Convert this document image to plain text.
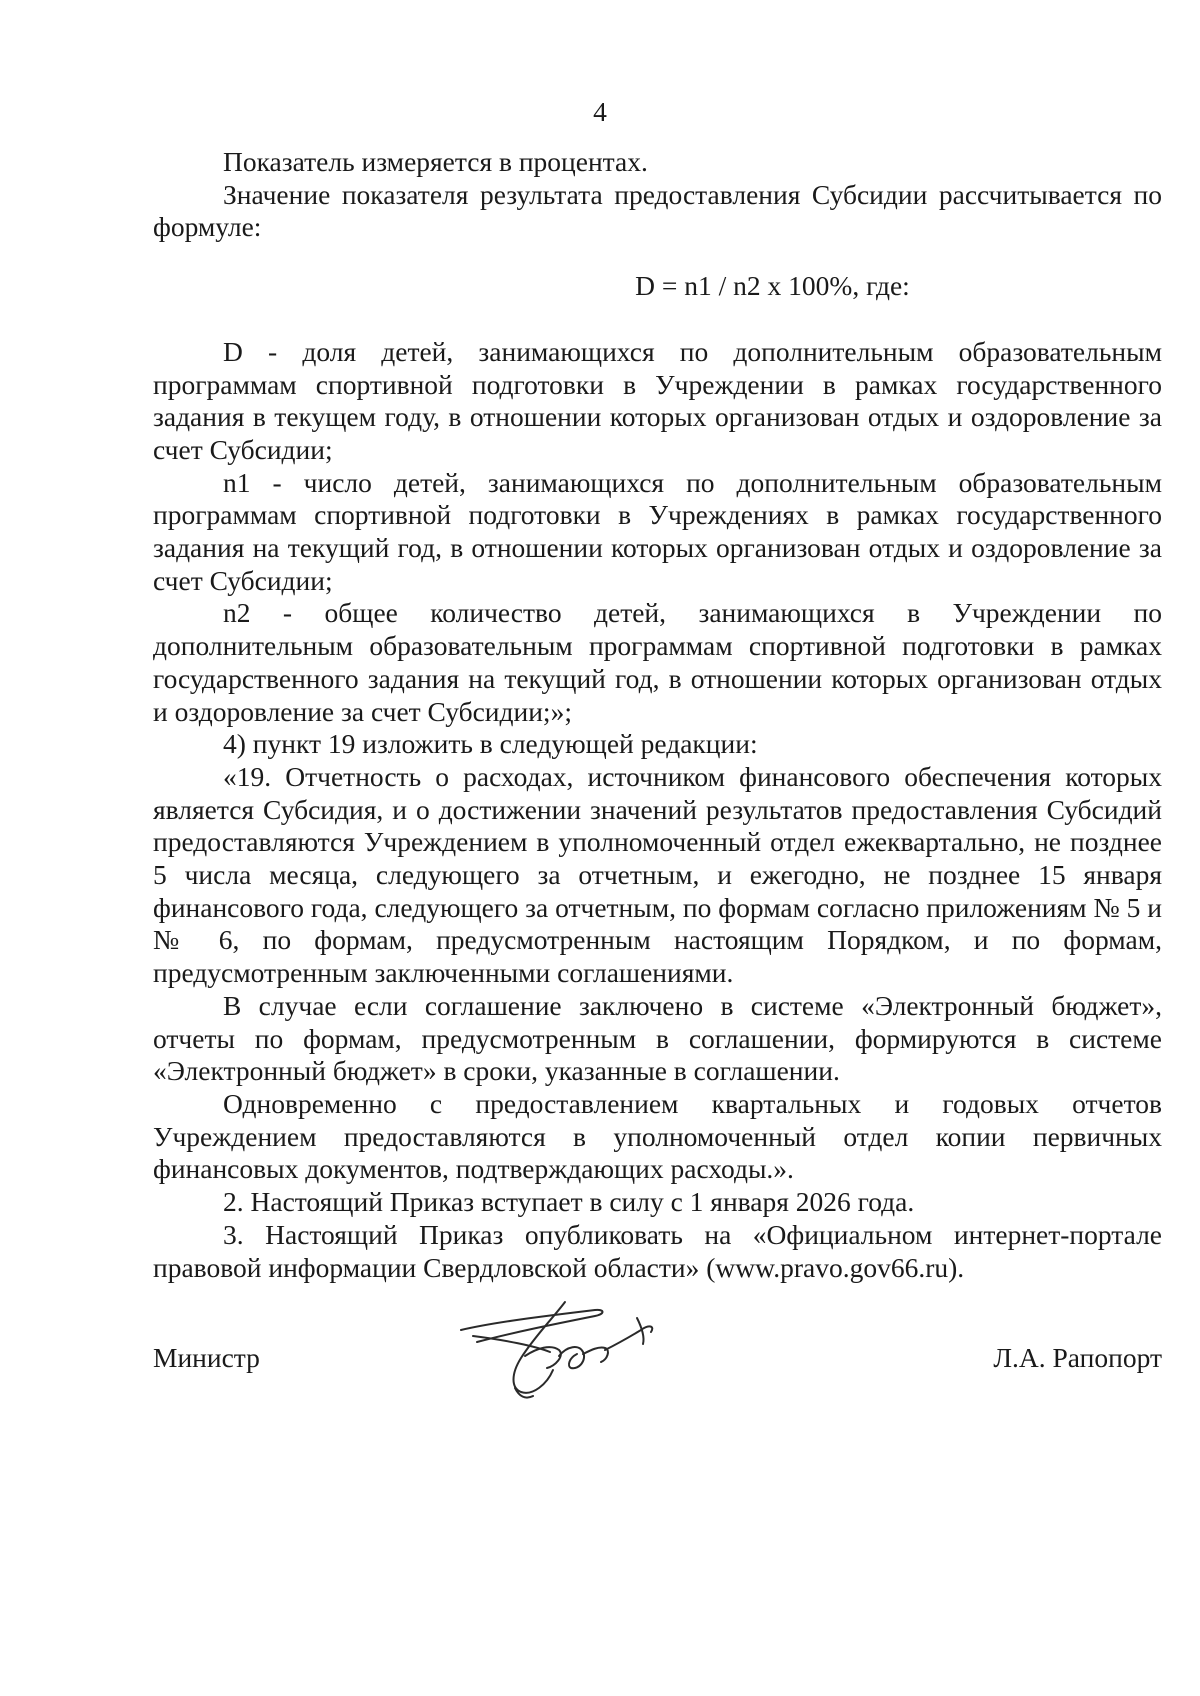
4

Показатель измеряется в процентах.

Значение показателя результата предоставления Субсидии рассчитывается по формуле:

D = n1 / n2 x 100%, где:

D - доля детей, занимающихся по дополнительным образовательным программам спортивной подготовки в Учреждении в рамках государственного задания в текущем году, в отношении которых организован отдых и оздоровление за счет Субсидии;

n1 - число детей, занимающихся по дополнительным образовательным программам спортивной подготовки в Учреждениях в рамках государственного задания на текущий год, в отношении которых организован отдых и оздоровление за счет Субсидии;

n2 - общее количество детей, занимающихся в Учреждении по дополнительным образовательным программам спортивной подготовки в рамках государственного задания на текущий год, в отношении которых организован отдых и оздоровление за счет Субсидии;»;

4) пункт 19 изложить в следующей редакции:

«19. Отчетность о расходах, источником финансового обеспечения которых является Субсидия, и о достижении значений результатов предоставления Субсидий предоставляются Учреждением в уполномоченный отдел ежеквартально, не позднее 5 числа месяца, следующего за отчетным, и ежегодно, не позднее 15 января финансового года, следующего за отчетным, по формам согласно приложениям № 5 и № 6, по формам, предусмотренным настоящим Порядком, и по формам, предусмотренным заключенными соглашениями.

В случае если соглашение заключено в системе «Электронный бюджет», отчеты по формам, предусмотренным в соглашении, формируются в системе «Электронный бюджет» в сроки, указанные в соглашении.

Одновременно с предоставлением квартальных и годовых отчетов Учреждением предоставляются в уполномоченный отдел копии первичных финансовых документов, подтверждающих расходы.».

2. Настоящий Приказ вступает в силу с 1 января 2026 года.

3. Настоящий Приказ опубликовать на «Официальном интернет-портале правовой информации Свердловской области» (www.pravo.gov66.ru).

Министр	Л.А. Рапопорт
